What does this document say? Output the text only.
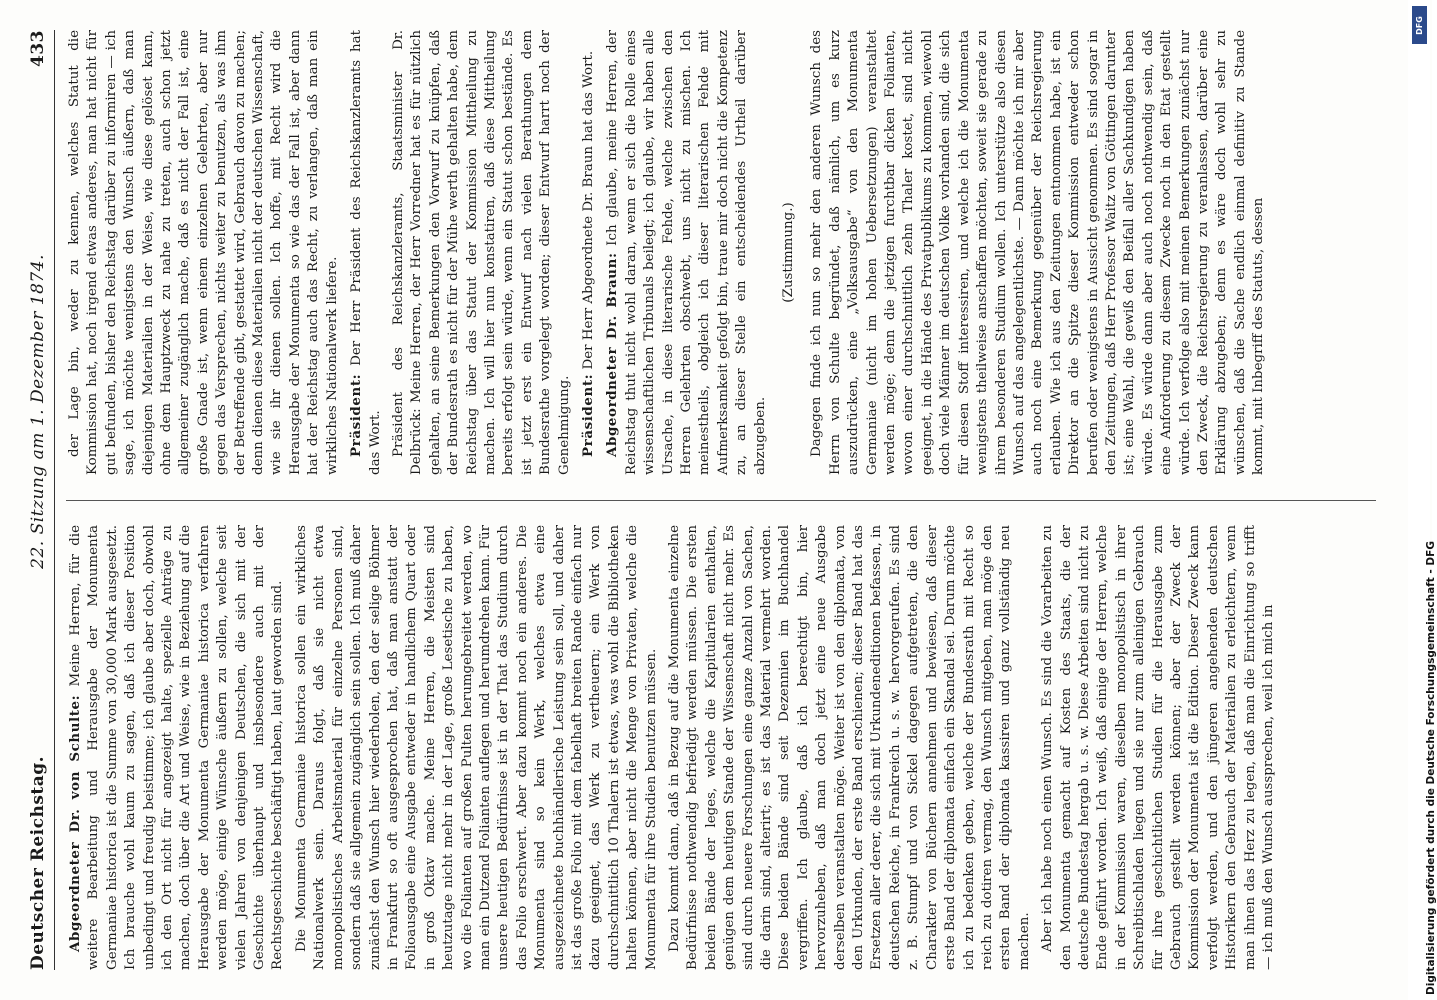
Deutscher Reichstag.
22. Sitzung am 1. Dezember 1874.
433

Abgeordneter Dr. von Schulte: Meine Herren, für die weitere Bearbeitung und Herausgabe der Monumenta Germaniae historica ist die Summe von 30,000 Mark ausgesetzt. Ich brauche wohl kaum zu sagen, daß ich dieser Position unbedingt und freudig beistimme; ich glaube aber doch, obwohl ich den Ort nicht für angezeigt halte, spezielle Anträge zu machen, doch über die Art und Weise, wie in Beziehung auf die Herausgabe der Monumenta Germaniae historica verfahren werden möge, einige Wünsche äußern zu sollen, welche seit vielen Jahren von denjenigen Deutschen, die sich mit der Geschichte überhaupt und insbesondere auch mit der Rechtsgeschichte beschäftigt haben, laut geworden sind. Die Monumenta Germaniae historica sollen ein wirkliches Nationalwerk sein. Daraus folgt, daß sie nicht etwa monopolistisches Arbeitsmaterial für einzelne Personen sind, sondern daß sie allgemein zugänglich sein sollen. Ich muß daher zunächst den Wunsch hier wiederholen, den der selige Böhmer in Frankfurt so oft ausgesprochen hat, daß man anstatt der Folioausgabe eine Ausgabe entweder in handlichem Quart oder in groß Oktav mache. Meine Herren, die Meisten sind heutzutage nicht mehr in der Lage, große Lesetische zu haben, wo die Folianten auf großen Pulten herumgebreitet werden, wo man ein Dutzend Folianten auflegen und herumdrehen kann. Für unsere heutigen Bedürfnisse ist in der That das Studium durch das Folio erschwert. Aber dazu kommt noch ein anderes. Die Monumenta sind so kein Werk, welches etwa eine ausgezeichnete buchhändlerische Leistung sein soll, und daher ist das große Folio mit dem fabelhaft breiten Rande einfach nur dazu geeignet, das Werk zu vertheuern; ein Werk von durchschnittlich 10 Thalern ist etwas, was wohl die Bibliotheken halten können, aber nicht die Menge von Privaten, welche die Monumenta für ihre Studien benutzen müssen. Dazu kommt dann, daß in Bezug auf die Monumenta einzelne Bedürfnisse nothwendig befriedigt werden müssen. Die ersten beiden Bände der leges, welche die Kapitularien enthalten, genügen dem heutigen Stande der Wissenschaft nicht mehr. Es sind durch neuere Forschungen eine ganze Anzahl von Sachen, die darin sind, alterirt; es ist das Material vermehrt worden. Diese beiden Bände sind seit Dezennien im Buchhandel vergriffen. Ich glaube, daß ich berechtigt bin, hier hervorzuheben, daß man doch jetzt eine neue Ausgabe derselben veranstalten möge. Weiter ist von den diplomata, von den Urkunden, der erste Band erschienen; dieser Band hat das Ersetzen aller derer, die sich mit Urkundeneditionen befassen, in deutschen Reiche, in Frankreich u. s. w. hervorgerufen. Es sind z. B. Stumpf und von Sickel dagegen aufgetreten, die den Charakter von Büchern annehmen und bewiesen, daß dieser erste Band der diplomata einfach ein Skandal sei. Darum möchte ich zu bedenken geben, welche der Bundesrath mit Recht so reich zu dotiren vermag, den Wunsch mitgeben, man möge den ersten Band der diplomata kassiren und ganz vollständig neu machen. Aber ich habe noch einen Wunsch. Es sind die Vorarbeiten zu den Monumenta gemacht auf Kosten des Staats, die der deutsche Bundestag hergab u. s. w. Diese Arbeiten sind nicht zu Ende geführt worden. Ich weiß, daß einige der Herren, welche in der Kommission waren, dieselben monopolistisch in ihrer Schreibtischladen liegen und sie nur zum alleinigen Gebrauch für ihre geschichtlichen Studien für die Herausgabe zum Gebrauch gestellt werden können; aber der Zweck der Kommission der Monumenta ist die Edition. Dieser Zweck kann verfolgt werden, und den jüngeren angehenden deutschen Historikern den Gebrauch der Materialien zu erleichtern, wenn man ihnen das Herz zu legen, daß man die Einrichtung so trifft — ich muß den Wunsch aussprechen, weil ich mich in

der Lage bin, weder zu kennen, welches Statut die Kommission hat, noch irgend etwas anderes, man hat nicht für gut befunden, bisher den Reichstag darüber zu informiren — ich sage, ich möchte wenigstens den Wunsch äußern, daß man diejenigen Materialien in der Weise, wie diese gelöset kann, ohne dem Hauptzweck zu nahe zu treten, auch schon jetzt allgemeiner zugänglich mache, daß es nicht der Fall ist, eine große Gnade ist, wenn einem einzelnen Gelehrten, aber nur gegen das Versprechen, nichts weiter zu benutzen, als was ihm der Betreffende gibt, gestattet wird, Gebrauch davon zu machen; denn dienen diese Materialien nicht der deutschen Wissenschaft, wie sie ihr dienen sollen. Ich hoffe, mit Recht wird die Herausgabe der Monumenta so wie das der Fall ist, aber dann hat der Reichstag auch das Recht, zu verlangen, daß man ein wirkliches Nationalwerk liefere. Präsident: Der Herr Präsident des Reichskanzleramts hat das Wort. Präsident des Reichskanzleramts, Staatsminister Dr. Delbrück: Meine Herren, der Herr Vorredner hat es für nützlich gehalten, an seine Bemerkungen den Vorwurf zu knüpfen, daß der Bundesrath es nicht für der Mühe werth gehalten habe, dem Reichstag über das Statut der Kommission Mittheilung zu machen. Ich will hier nun konstatiren, daß diese Mittheilung bereits erfolgt sein würde, wenn ein Statut schon bestände. Es ist jetzt erst ein Entwurf nach vielen Berathungen dem Bundesrathe vorgelegt worden; dieser Entwurf harrt noch der Genehmigung. Präsident: Der Herr Abgeordnete Dr. Braun hat das Wort. Abgeordneter Dr. Braun: Ich glaube, meine Herren, der Reichstag thut nicht wohl daran, wenn er sich die Rolle eines wissenschaftlichen Tribunals beilegt; ich glaube, wir haben alle Ursache, in diese literarische Fehde, welche zwischen den Herren Gelehrten obschwebt, uns nicht zu mischen. Ich meinestheils, obgleich ich dieser literarischen Fehde mit Aufmerksamkeit gefolgt bin, traue mir doch nicht die Kompetenz zu, an dieser Stelle ein entscheidendes Urtheil darüber abzugeben.

(Zustimmung.) Dagegen finde ich nun so mehr den anderen Wunsch des Herrn von Schulte begründet, daß nämlich, um es kurz auszudrücken, eine „Volksausgabe“ von den Monumenta Germaniae (nicht im hohen Uebersetzungen) veranstaltet werden möge; denn die jetzigen furchtbar dicken Folianten, wovon einer durchschnittlich zehn Thaler kostet, sind nicht geeignet, in die Hände des Privatpublikums zu kommen, wiewohl doch viele Männer im deutschen Volke vorhanden sind, die sich für diesen Stoff interessiren, und welche ich die Monumenta wenigstens theilweise anschaffen möchten, soweit sie gerade zu ihrem besonderen Studium wollen. Ich unterstütze also diesen Wunsch auf das angelegentlichste. — Dann möchte ich mir aber auch noch eine Bemerkung gegenüber der Reichsregierung erlauben. Wie ich aus den Zeitungen entnommen habe, ist ein Direktor an die Spitze dieser Kommission entweder schon berufen oder wenigstens in Aussicht genommen. Es sind sogar in den Zeitungen, daß Herr Professor Waitz von Göttingen darunter ist; eine Wahl, die gewiß den Beifall aller Sachkundigen haben würde. Es würde dann aber auch noch nothwendig sein, daß eine Anforderung zu diesem Zwecke noch in den Etat gestellt würde. Ich verfolge also mit meinen Bemerkungen zunächst nur den Zweck, die Reichsregierung zu veranlassen, darüber eine Erklärung abzugeben; denn es wäre doch wohl sehr zu wünschen, daß die Sache endlich einmal definitiv zu Stande kommt, mit Inbegriff des Statuts, dessen

DFG
Digitalisierung gefördert durch die Deutsche Forschungsgemeinschaft - DFG
